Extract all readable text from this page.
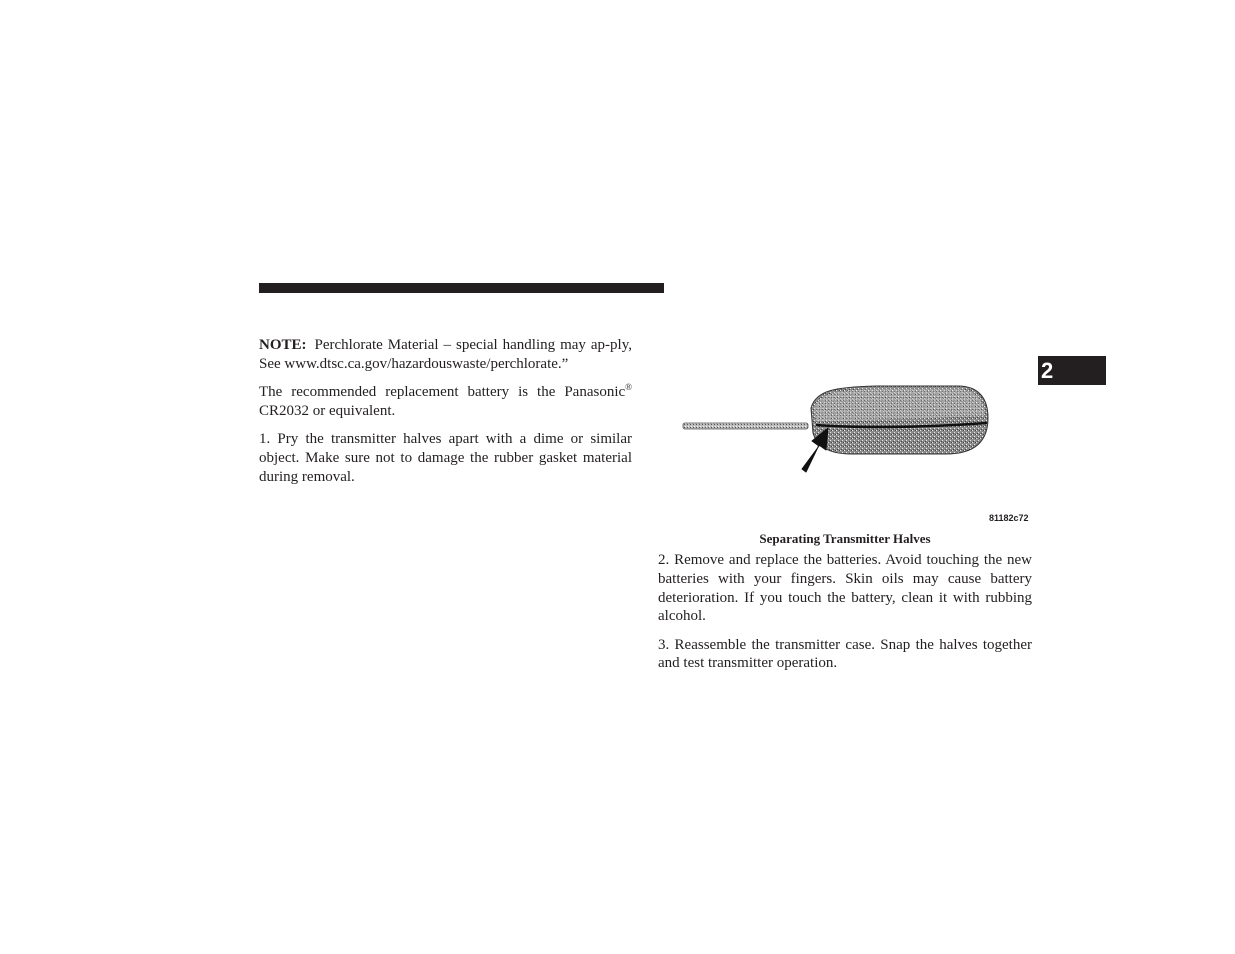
NOTE: Perchlorate Material – special handling may ap-ply, See www.dtsc.ca.gov/hazardouswaste/perchlorate.”

The recommended replacement battery is the Panasonic® CR2032 or equivalent.

1. Pry the transmitter halves apart with a dime or similar object. Make sure not to damage the rubber gasket material during removal.

2
81182c72
Separating Transmitter Halves

2. Remove and replace the batteries. Avoid touching the new batteries with your fingers. Skin oils may cause battery deterioration. If you touch the battery, clean it with rubbing alcohol.

3. Reassemble the transmitter case. Snap the halves together and test transmitter operation.
